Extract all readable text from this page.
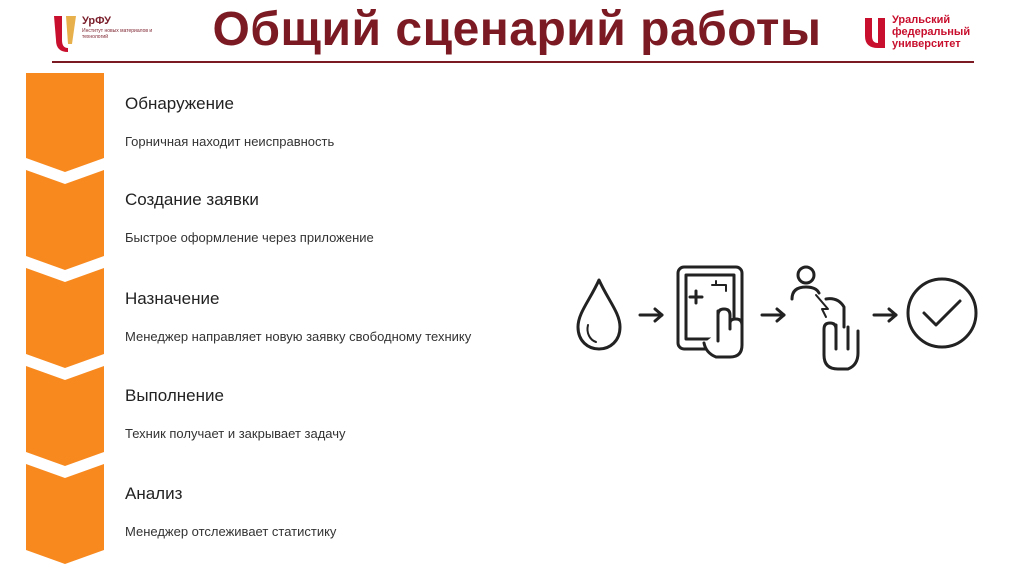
УрФУ
Институт новых материалов и технологий	Общий сценарий работы	Уральский
федеральный
университет
Обнаружение
Горничная находит неисправность
Создание заявки
Быстрое оформление через приложение
Назначение
Менеджер направляет новую заявку свободному технику
Выполнение
Техник получает и закрывает задачу
Анализ
Менеджер отслеживает статистику
